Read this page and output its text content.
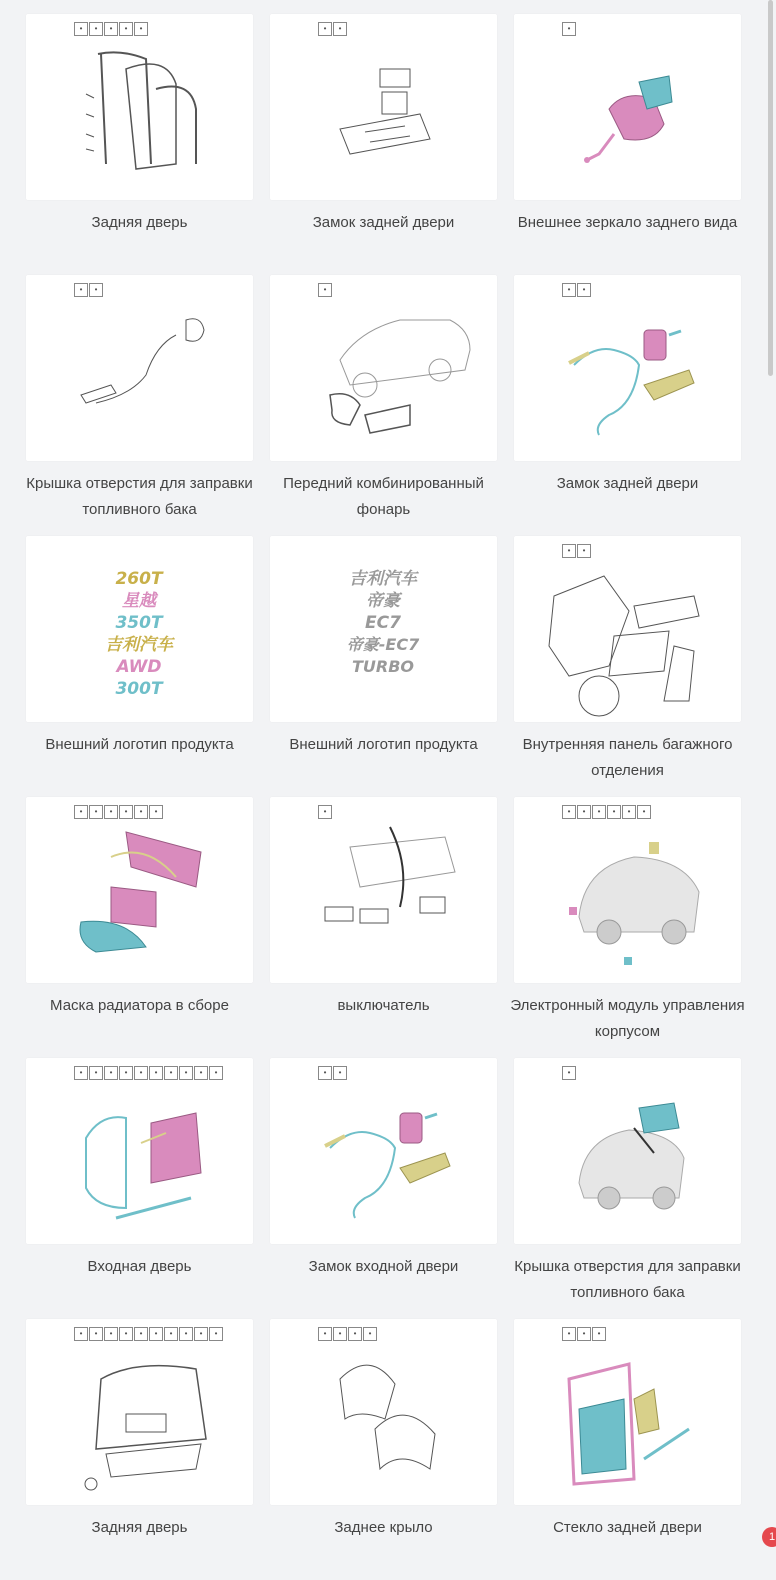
•	•	•	•	•
Задняя дверь
•	•
Замок задней двери
•
Внешнее зеркало заднего вида
•	•
Крышка отверстия для заправки топливного бака
•
Передний комбинированный фонарь
•	•
Замок задней двери
260T
星越
350T
吉利汽车
AWD
300T
Внешний логотип продукта
吉利汽车
帝豪
EC7
帝豪-EC7
TURBO
Внешний логотип продукта
•	•
Внутренняя панель багажного отделения
•	•	•	•	•	•
Маска радиатора в сборе
•
выключатель
•	•	•	•	•	•
Электронный модуль управления корпусом
•	•	•	•	•	•	•	•	•	•
Входная дверь
•	•
Замок входной двери
•
Крышка отверстия для заправки топливного бака
•	•	•	•	•	•	•	•	•	•
Задняя дверь
•	•	•	•
Заднее крыло
•	•	•
Стекло задней двери
1
